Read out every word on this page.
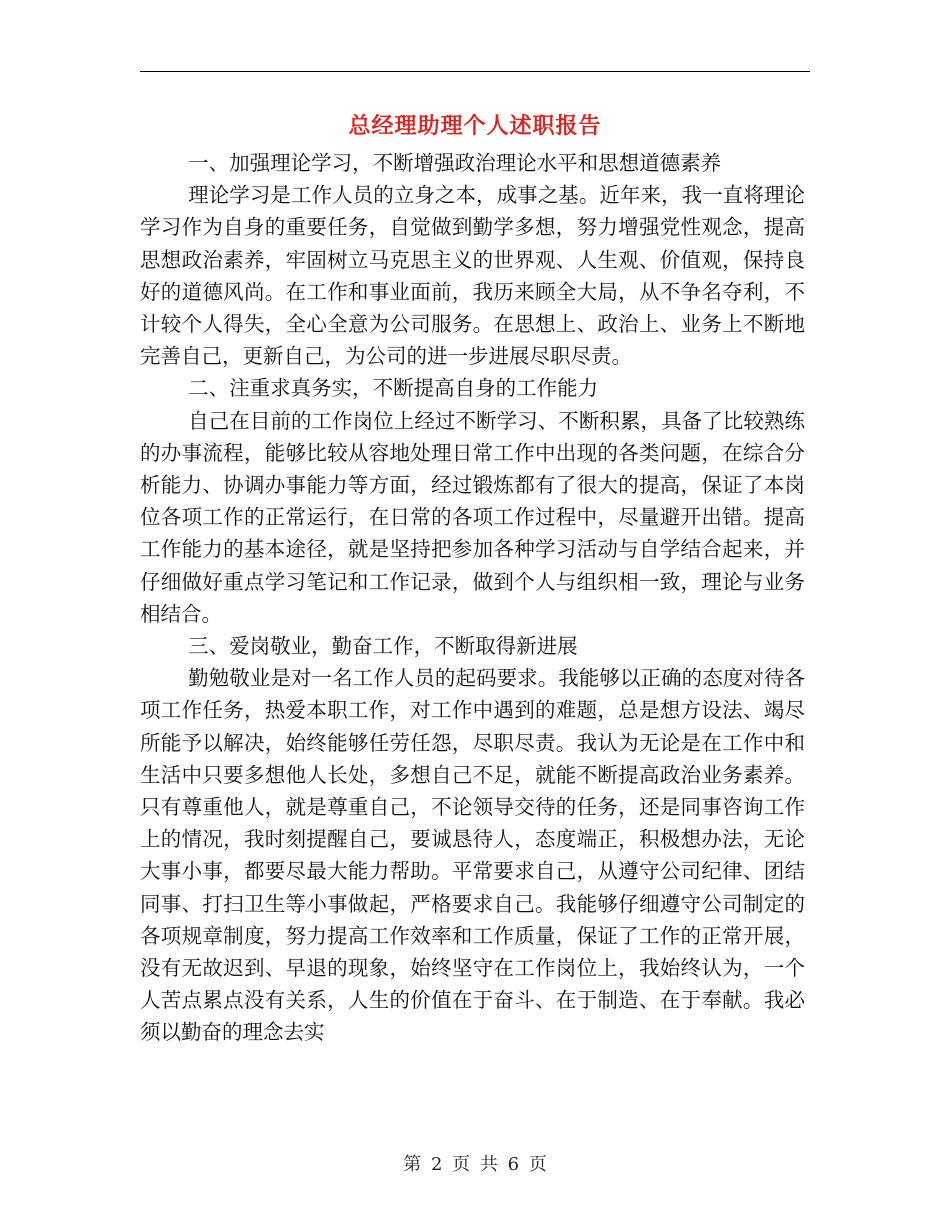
总经理助理个人述职报告

一、加强理论学习，不断增强政治理论水平和思想道德素养

理论学习是工作人员的立身之本，成事之基。近年来，我一直将理论学习作为自身的重要任务，自觉做到勤学多想，努力增强党性观念，提高思想政治素养，牢固树立马克思主义的世界观、人生观、价值观，保持良好的道德风尚。在工作和事业面前，我历来顾全大局，从不争名夺利，不计较个人得失，全心全意为公司服务。在思想上、政治上、业务上不断地完善自己，更新自己，为公司的进一步进展尽职尽责。

二、注重求真务实，不断提高自身的工作能力

自己在目前的工作岗位上经过不断学习、不断积累，具备了比较熟练的办事流程，能够比较从容地处理日常工作中出现的各类问题，在综合分析能力、协调办事能力等方面，经过锻炼都有了很大的提高，保证了本岗位各项工作的正常运行，在日常的各项工作过程中，尽量避开出错。提高工作能力的基本途径，就是坚持把参加各种学习活动与自学结合起来，并仔细做好重点学习笔记和工作记录，做到个人与组织相一致，理论与业务相结合。

三、爱岗敬业，勤奋工作，不断取得新进展

勤勉敬业是对一名工作人员的起码要求。我能够以正确的态度对待各项工作任务，热爱本职工作，对工作中遇到的难题，总是想方设法、竭尽所能予以解决，始终能够任劳任怨，尽职尽责。我认为无论是在工作中和生活中只要多想他人长处，多想自己不足，就能不断提高政治业务素养。只有尊重他人，就是尊重自己，不论领导交待的任务，还是同事咨询工作上的情况，我时刻提醒自己，要诚恳待人，态度端正，积极想办法，无论大事小事，都要尽最大能力帮助。平常要求自己，从遵守公司纪律、团结同事、打扫卫生等小事做起，严格要求自己。我能够仔细遵守公司制定的各项规章制度，努力提高工作效率和工作质量，保证了工作的正常开展，没有无故迟到、早退的现象，始终坚守在工作岗位上，我始终认为，一个人苦点累点没有关系，人生的价值在于奋斗、在于制造、在于奉献。我必须以勤奋的理念去实

第 2 页 共 6 页
